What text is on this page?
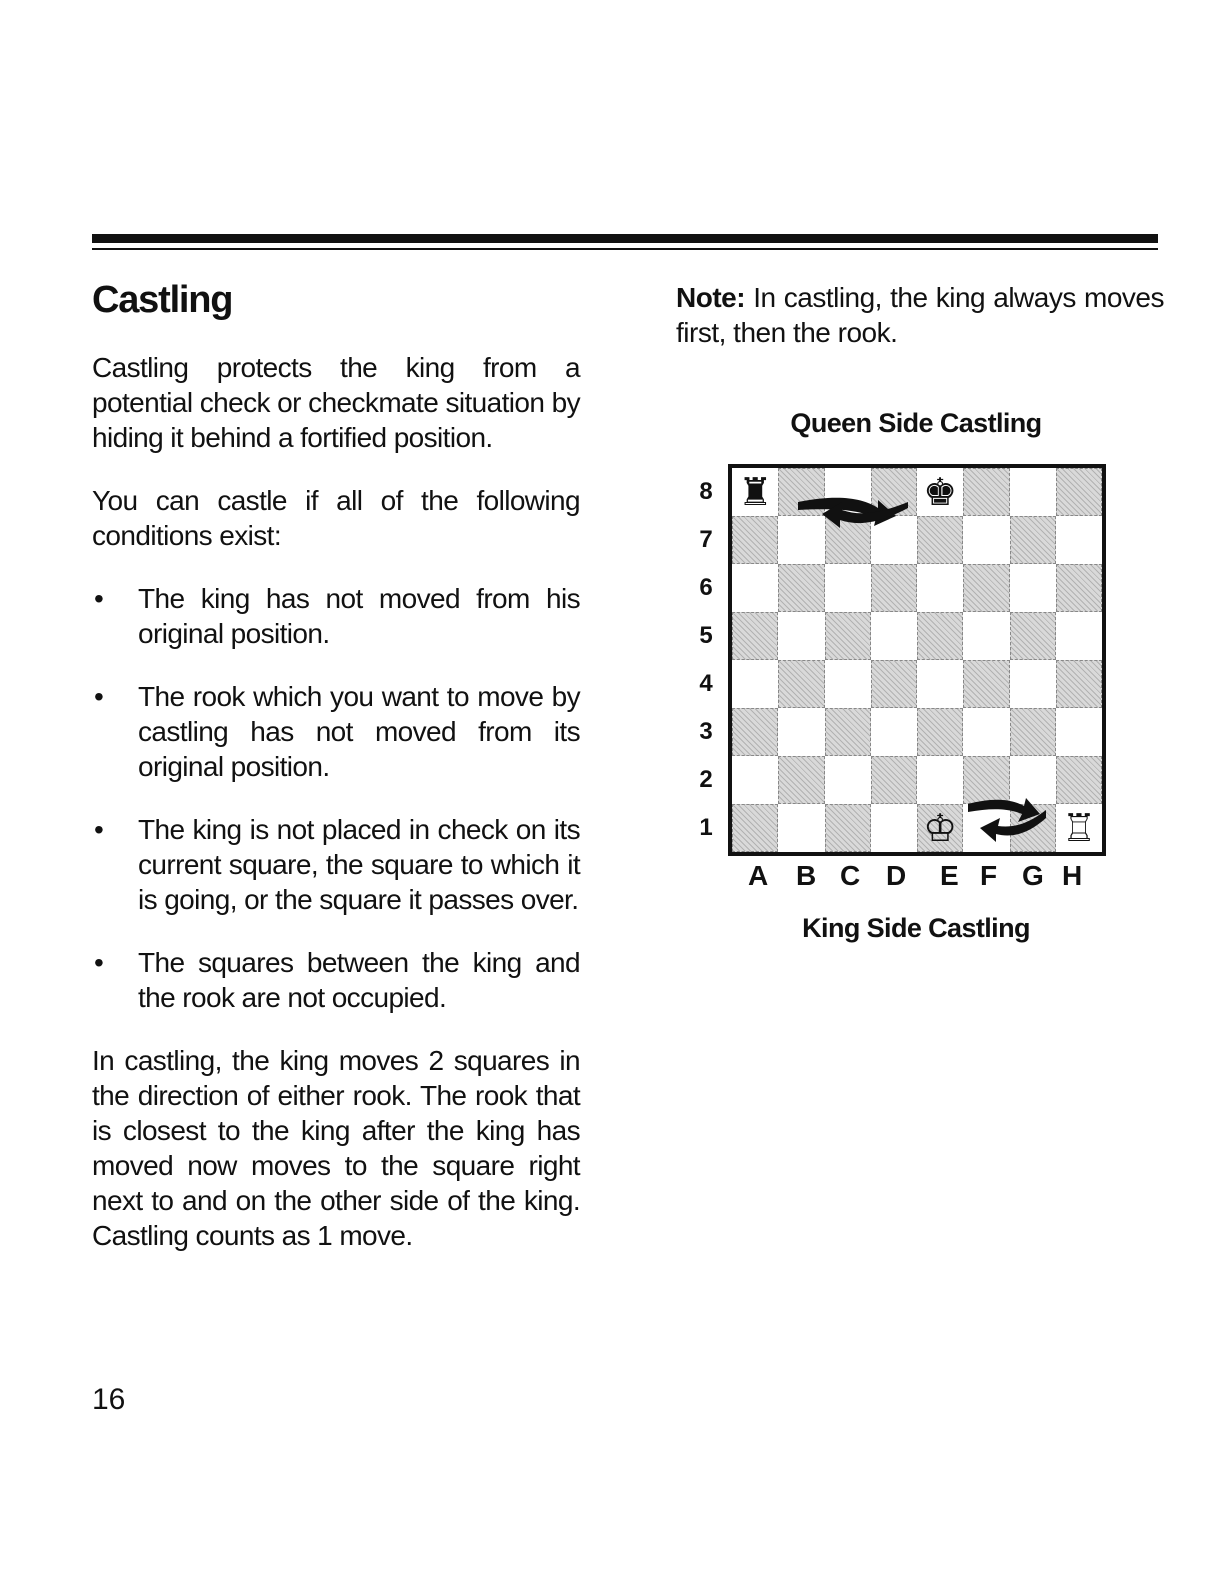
Castling

Castling protects the king from a potential check or checkmate situation by hiding it behind a fortified position.

You can castle if all of the following conditions exist:

• The king has not moved from his original position.
• The rook which you want to move by castling has not moved from its original position.
• The king is not placed in check on its current square, the square to which it is going, or the square it passes over.
• The squares between the king and the rook are not occupied.

In castling, the king moves 2 squares in the direction of either rook. The rook that is closest to the king after the king has moved now moves to the square right next to and on the other side of the king. Castling counts as 1 move.

16

Note: In castling, the king always moves first, then the rook.

Queen Side Castling
8
7
6
5
4
3
2
1
♜	♚
♔	♖
A B C D E F G H
King Side Castling
